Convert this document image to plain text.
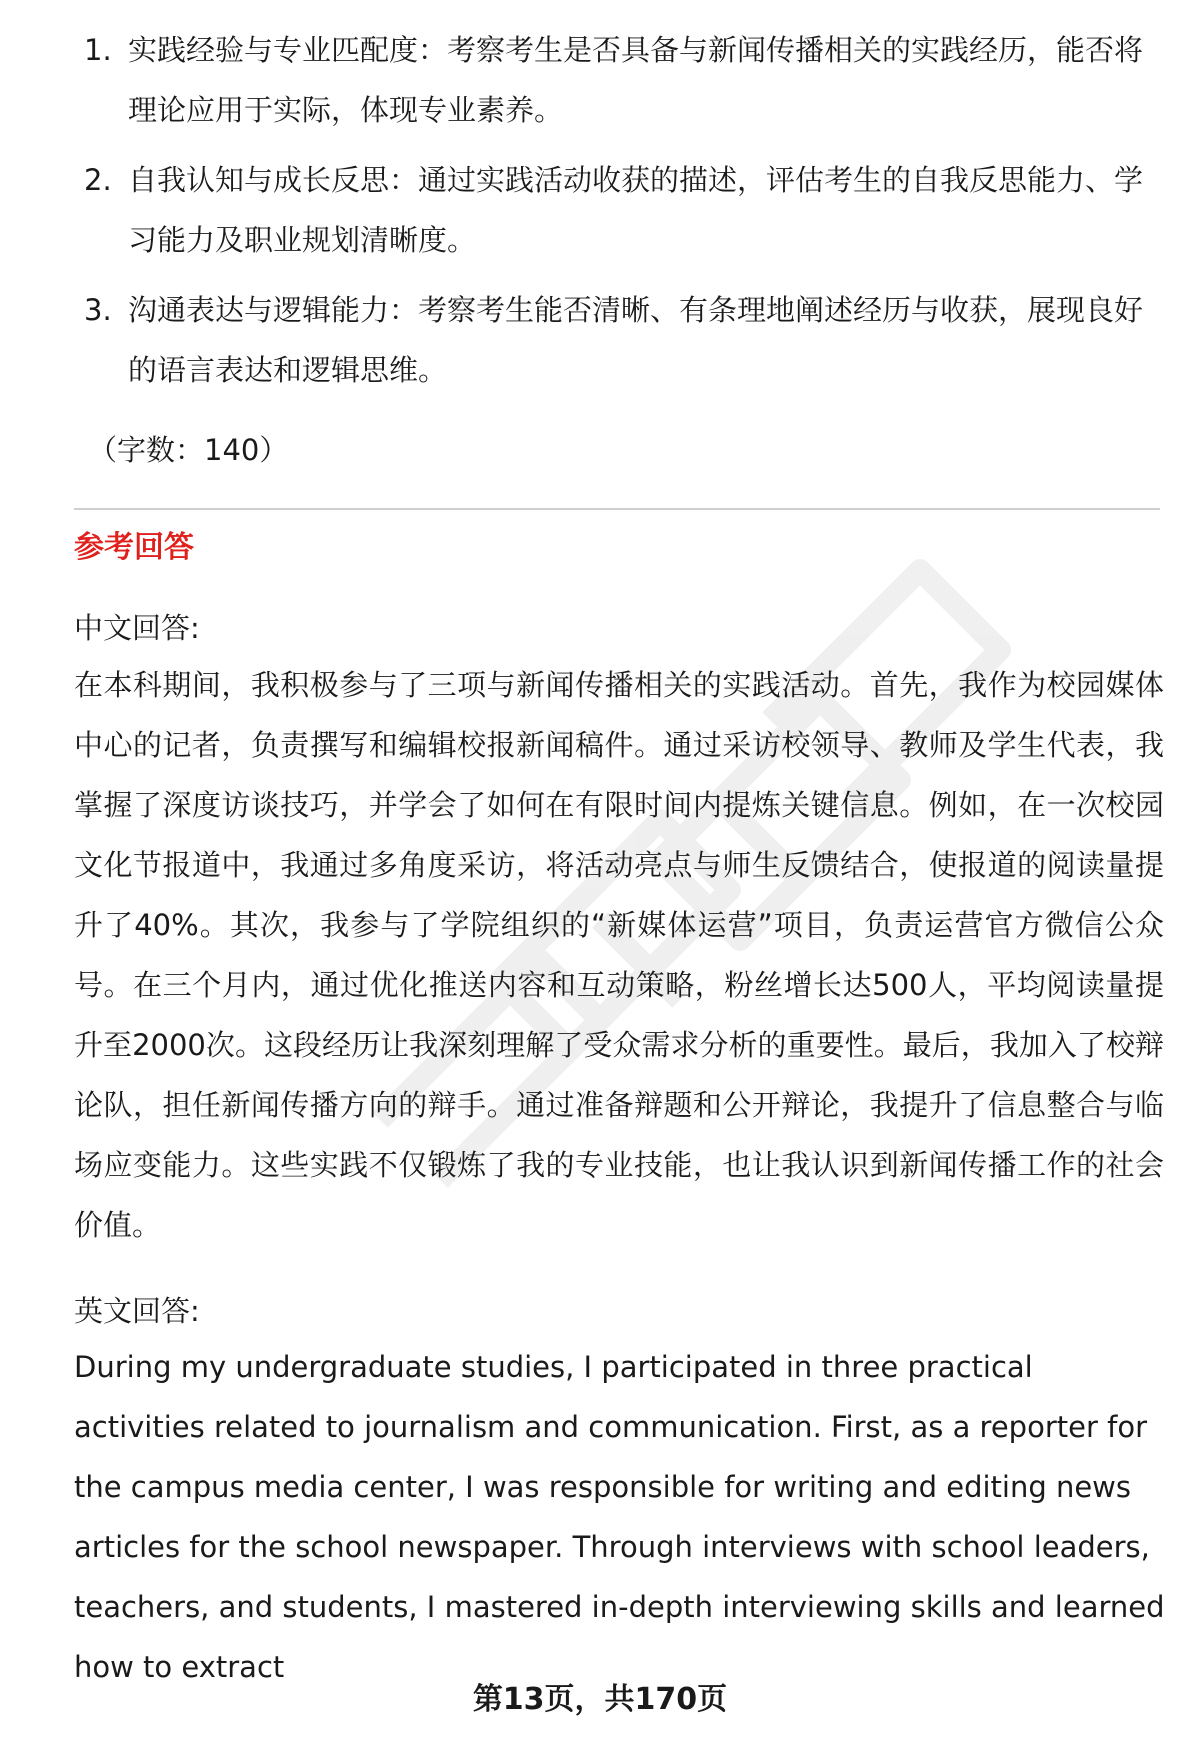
1. 实践经验与专业匹配度：考察考生是否具备与新闻传播相关的实践经历，能否将理论应用于实际，体现专业素养。
2. 自我认知与成长反思：通过实践活动收获的描述，评估考生的自我反思能力、学习能力及职业规划清晰度。
3. 沟通表达与逻辑能力：考察考生能否清晰、有条理地阐述经历与收获，展现良好的语言表达和逻辑思维。
（字数：140）
参考回答
中文回答:

在本科期间，我积极参与了三项与新闻传播相关的实践活动。首先，我作为校园媒体中心的记者，负责撰写和编辑校报新闻稿件。通过采访校领导、教师及学生代表，我掌握了深度访谈技巧，并学会了如何在有限时间内提炼关键信息。例如，在一次校园文化节报道中，我通过多角度采访，将活动亮点与师生反馈结合，使报道的阅读量提升了40%。其次，我参与了学院组织的“新媒体运营”项目，负责运营官方微信公众号。在三个月内，通过优化推送内容和互动策略，粉丝增长达500人，平均阅读量提升至2000次。这段经历让我深刻理解了受众需求分析的重要性。最后，我加入了校辩论队，担任新闻传播方向的辩手。通过准备辩题和公开辩论，我提升了信息整合与临场应变能力。这些实践不仅锻炼了我的专业技能，也让我认识到新闻传播工作的社会价值。

英文回答:

During my undergraduate studies, I participated in three practical activities related to journalism and communication. First, as a reporter for the campus media center, I was responsible for writing and editing news articles for the school newspaper. Through interviews with school leaders, teachers, and students, I mastered in-depth interviewing skills and learned how to extract

第13页，共170页
